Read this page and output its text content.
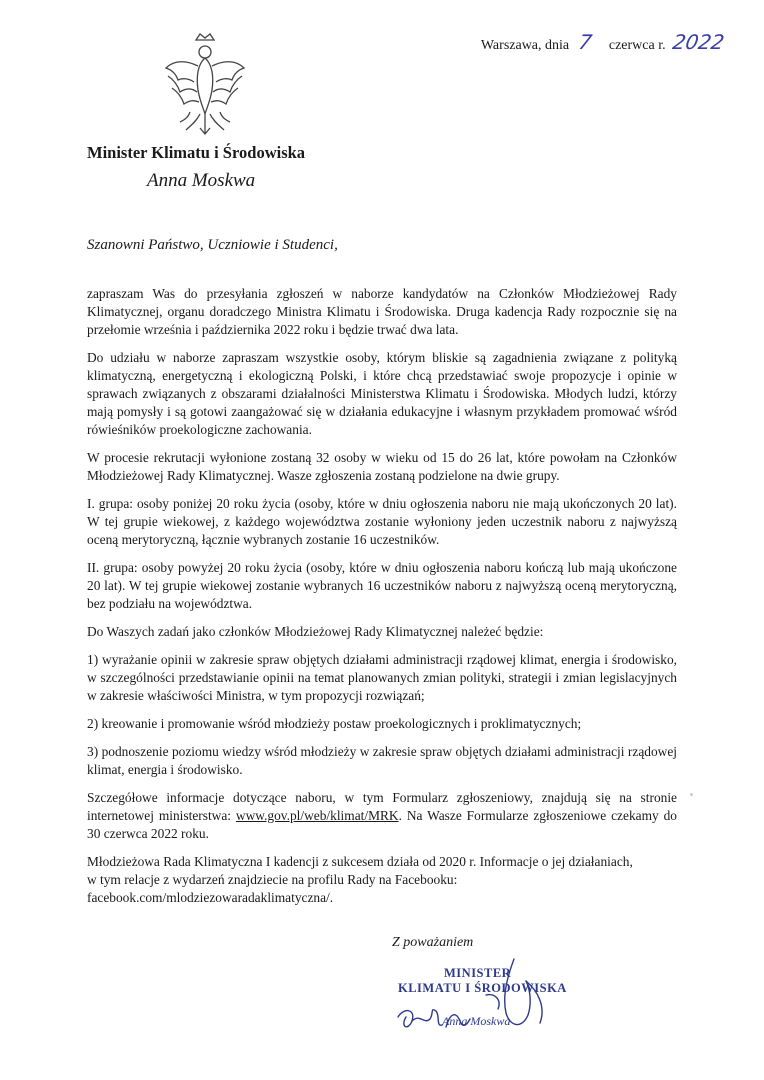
Warszawa, dnia 7 czerwca r. 2022
Minister Klimatu i Środowiska
Anna Moskwa
Szanowni Państwo, Uczniowie i Studenci,

zapraszam Was do przesyłania zgłoszeń w naborze kandydatów na Członków Młodzieżowej Rady Klimatycznej, organu doradczego Ministra Klimatu i Środowiska. Druga kadencja Rady rozpocznie się na przełomie września i października 2022 roku i będzie trwać dwa lata.

Do udziału w naborze zapraszam wszystkie osoby, którym bliskie są zagadnienia związane z polityką klimatyczną, energetyczną i ekologiczną Polski, i które chcą przedstawiać swoje propozycje i opinie w sprawach związanych z obszarami działalności Ministerstwa Klimatu i Środowiska. Młodych ludzi, którzy mają pomysły i są gotowi zaangażować się w działania edukacyjne i własnym przykładem promować wśród rówieśników proekologiczne zachowania.

W procesie rekrutacji wyłonione zostaną 32 osoby w wieku od 15 do 26 lat, które powołam na Członków Młodzieżowej Rady Klimatycznej. Wasze zgłoszenia zostaną podzielone na dwie grupy.

I. grupa: osoby poniżej 20 roku życia (osoby, które w dniu ogłoszenia naboru nie mają ukończonych 20 lat). W tej grupie wiekowej, z każdego województwa zostanie wyłoniony jeden uczestnik naboru z najwyższą oceną merytoryczną, łącznie wybranych zostanie 16 uczestników.

II. grupa: osoby powyżej 20 roku życia (osoby, które w dniu ogłoszenia naboru kończą lub mają ukończone 20 lat). W tej grupie wiekowej zostanie wybranych 16 uczestników naboru z najwyższą oceną merytoryczną, bez podziału na województwa.

Do Waszych zadań jako członków Młodzieżowej Rady Klimatycznej należeć będzie:

1) wyrażanie opinii w zakresie spraw objętych działami administracji rządowej klimat, energia i środowisko, w szczególności przedstawianie opinii na temat planowanych zmian polityki, strategii i zmian legislacyjnych w zakresie właściwości Ministra, w tym propozycji rozwiązań;

2) kreowanie i promowanie wśród młodzieży postaw proekologicznych i proklimatycznych;

3) podnoszenie poziomu wiedzy wśród młodzieży w zakresie spraw objętych działami administracji rządowej klimat, energia i środowisko.

Szczegółowe informacje dotyczące naboru, w tym Formularz zgłoszeniowy, znajdują się na stronie internetowej ministerstwa: www.gov.pl/web/klimat/MRK. Na Wasze Formularze zgłoszeniowe czekamy do 30 czerwca 2022 roku.

Młodzieżowa Rada Klimatyczna I kadencji z sukcesem działa od 2020 r. Informacje o jej działaniach,
w tym relacje z wydarzeń znajdziecie na profilu Rady na Facebooku:
facebook.com/mlodziezowaradaklimatyczna/.

Z poważaniem
MINISTER
KLIMATU I ŚRODOWISKA
Anna Moskwa
